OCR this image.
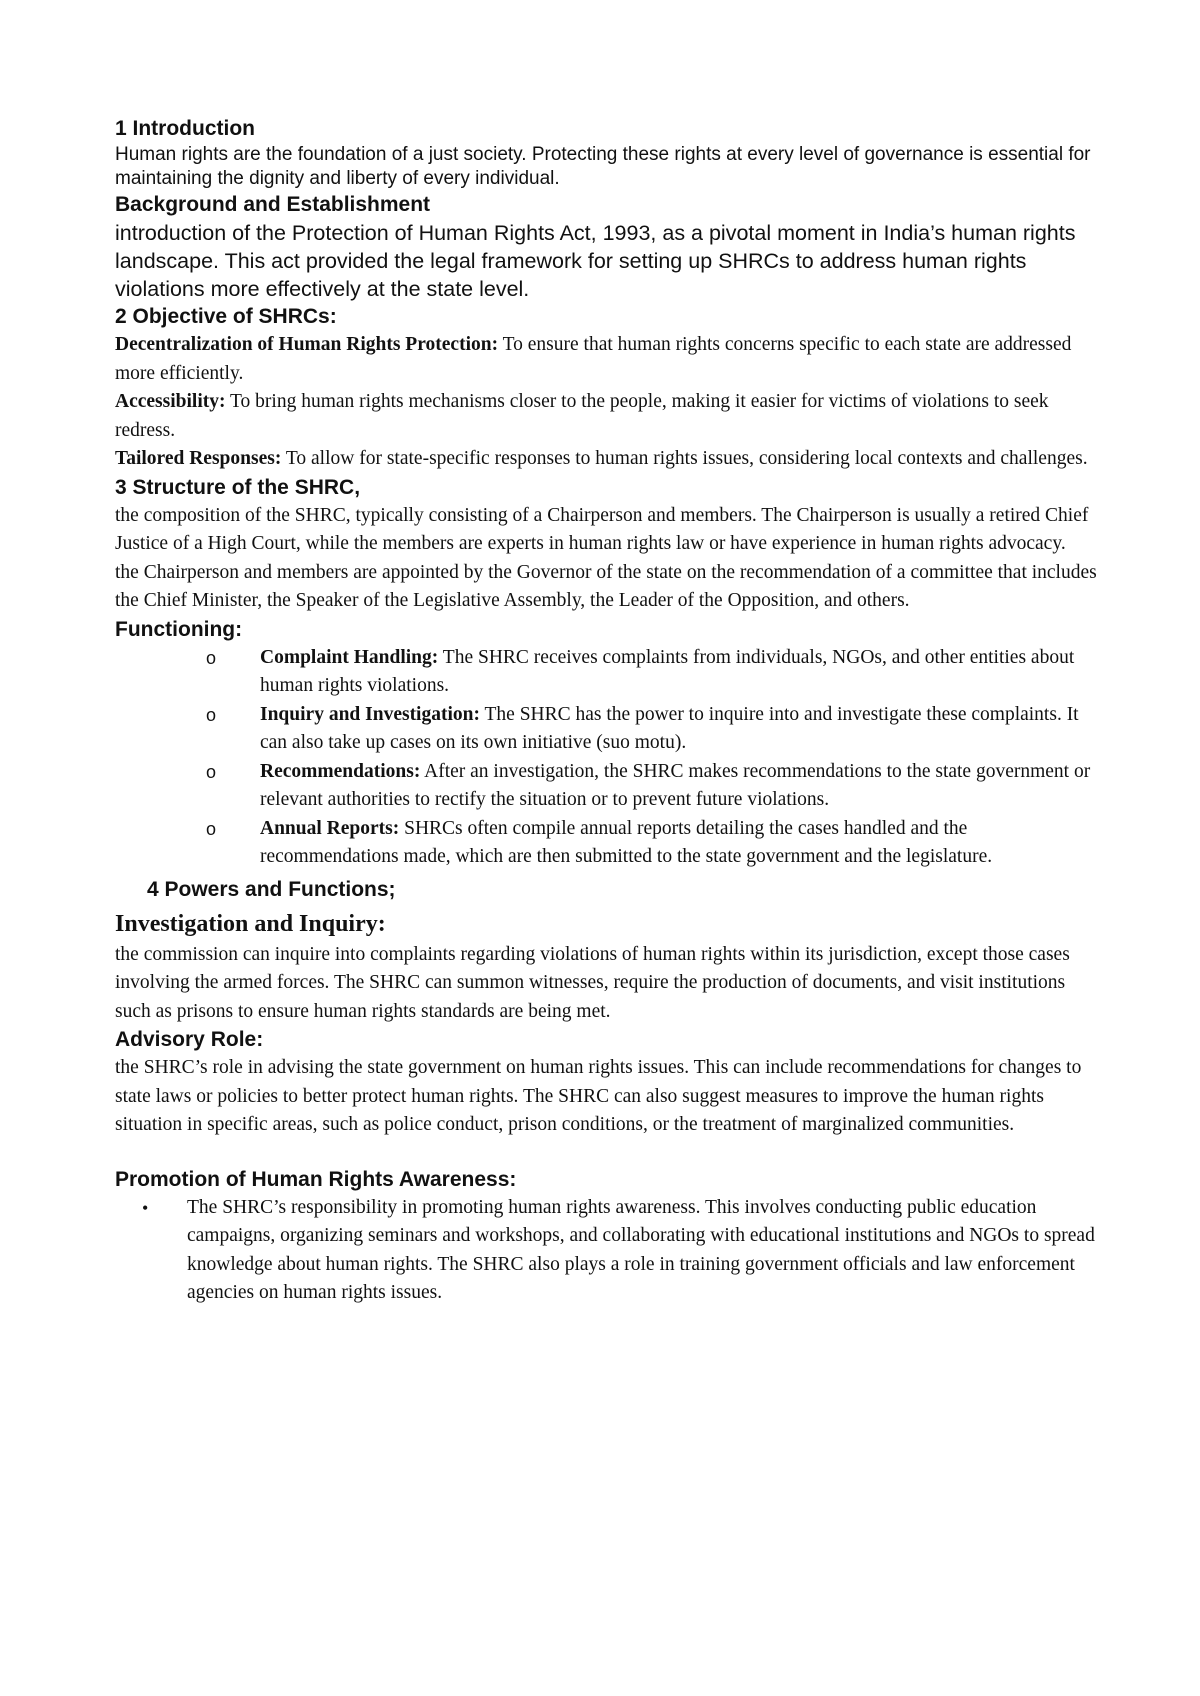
1 Introduction

Human rights are the foundation of a just society. Protecting these rights at every level of governance is essential for maintaining the dignity and liberty of every individual.

Background and Establishment

introduction of the Protection of Human Rights Act, 1993, as a pivotal moment in India’s human rights landscape. This act provided the legal framework for setting up SHRCs to address human rights violations more effectively at the state level.

2 Objective of SHRCs:

Decentralization of Human Rights Protection: To ensure that human rights concerns specific to each state are addressed more efficiently.

Accessibility: To bring human rights mechanisms closer to the people, making it easier for victims of violations to seek redress.

Tailored Responses: To allow for state-specific responses to human rights issues, considering local contexts and challenges.

3 Structure of the SHRC,

the composition of the SHRC, typically consisting of a Chairperson and members. The Chairperson is usually a retired Chief Justice of a High Court, while the members are experts in human rights law or have experience in human rights advocacy.

the Chairperson and members are appointed by the Governor of the state on the recommendation of a committee that includes the Chief Minister, the Speaker of the Legislative Assembly, the Leader of the Opposition, and others.

Functioning:
o Complaint Handling: The SHRC receives complaints from individuals, NGOs, and other entities about human rights violations.
o Inquiry and Investigation: The SHRC has the power to inquire into and investigate these complaints. It can also take up cases on its own initiative (suo motu).
o Recommendations: After an investigation, the SHRC makes recommendations to the state government or relevant authorities to rectify the situation or to prevent future violations.
o Annual Reports: SHRCs often compile annual reports detailing the cases handled and the recommendations made, which are then submitted to the state government and the legislature.
4 Powers and Functions;
Investigation and Inquiry:

the commission can inquire into complaints regarding violations of human rights within its jurisdiction, except those cases involving the armed forces. The SHRC can summon witnesses, require the production of documents, and visit institutions such as prisons to ensure human rights standards are being met.

Advisory Role:

the SHRC’s role in advising the state government on human rights issues. This can include recommendations for changes to state laws or policies to better protect human rights. The SHRC can also suggest measures to improve the human rights situation in specific areas, such as police conduct, prison conditions, or the treatment of marginalized communities.

Promotion of Human Rights Awareness:
• The SHRC’s responsibility in promoting human rights awareness. This involves conducting public education campaigns, organizing seminars and workshops, and collaborating with educational institutions and NGOs to spread knowledge about human rights. The SHRC also plays a role in training government officials and law enforcement agencies on human rights issues.
